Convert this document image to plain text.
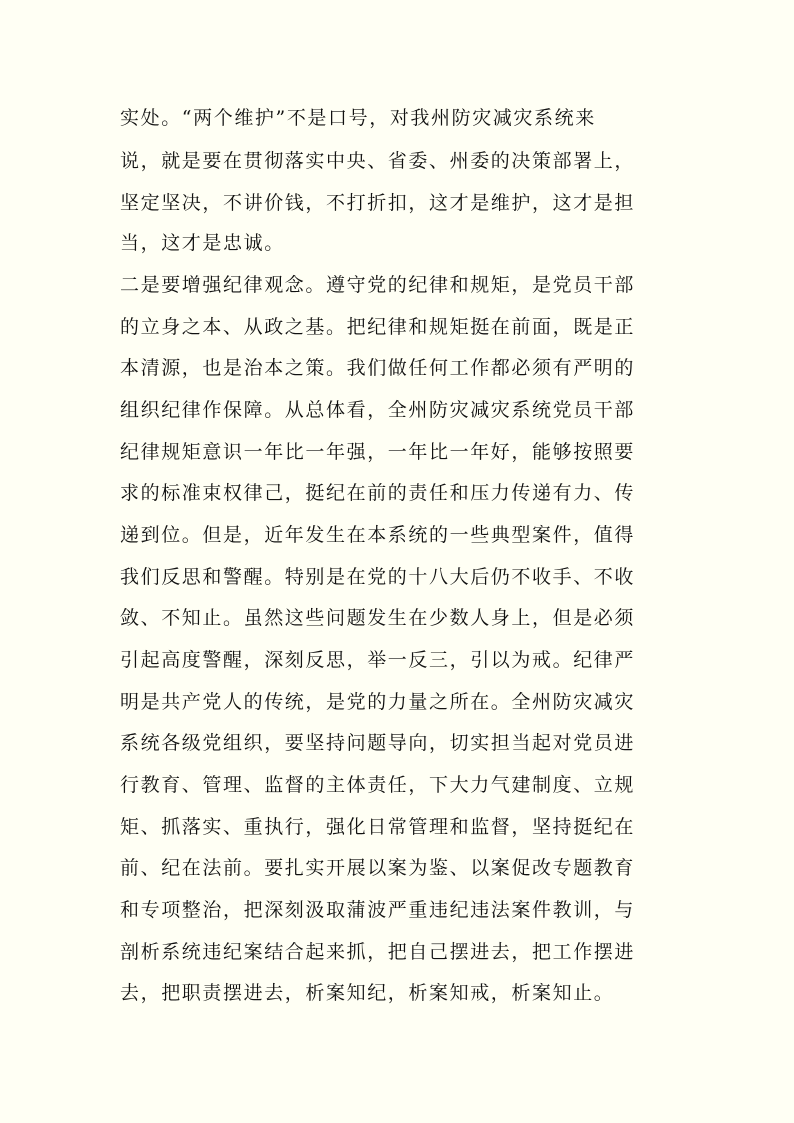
实处。“两个维护”不是口号，对我州防灾减灾系统来
说，就是要在贯彻落实中央、省委、州委的决策部署上，
坚定坚决，不讲价钱，不打折扣，这才是维护，这才是担
当，这才是忠诚。
二是要增强纪律观念。遵守党的纪律和规矩，是党员干部
的立身之本、从政之基。把纪律和规矩挺在前面，既是正
本清源，也是治本之策。我们做任何工作都必须有严明的
组织纪律作保障。从总体看，全州防灾减灾系统党员干部
纪律规矩意识一年比一年强，一年比一年好，能够按照要
求的标准束权律己，挺纪在前的责任和压力传递有力、传
递到位。但是，近年发生在本系统的一些典型案件，值得
我们反思和警醒。特别是在党的十八大后仍不收手、不收
敛、不知止。虽然这些问题发生在少数人身上，但是必须
引起高度警醒，深刻反思，举一反三，引以为戒。纪律严
明是共产党人的传统，是党的力量之所在。全州防灾减灾
系统各级党组织，要坚持问题导向，切实担当起对党员进
行教育、管理、监督的主体责任，下大力气建制度、立规
矩、抓落实、重执行，强化日常管理和监督，坚持挺纪在
前、纪在法前。要扎实开展以案为鉴、以案促改专题教育
和专项整治，把深刻汲取蒲波严重违纪违法案件教训，与
剖析系统违纪案结合起来抓，把自己摆进去，把工作摆进
去，把职责摆进去，析案知纪，析案知戒，析案知止。
